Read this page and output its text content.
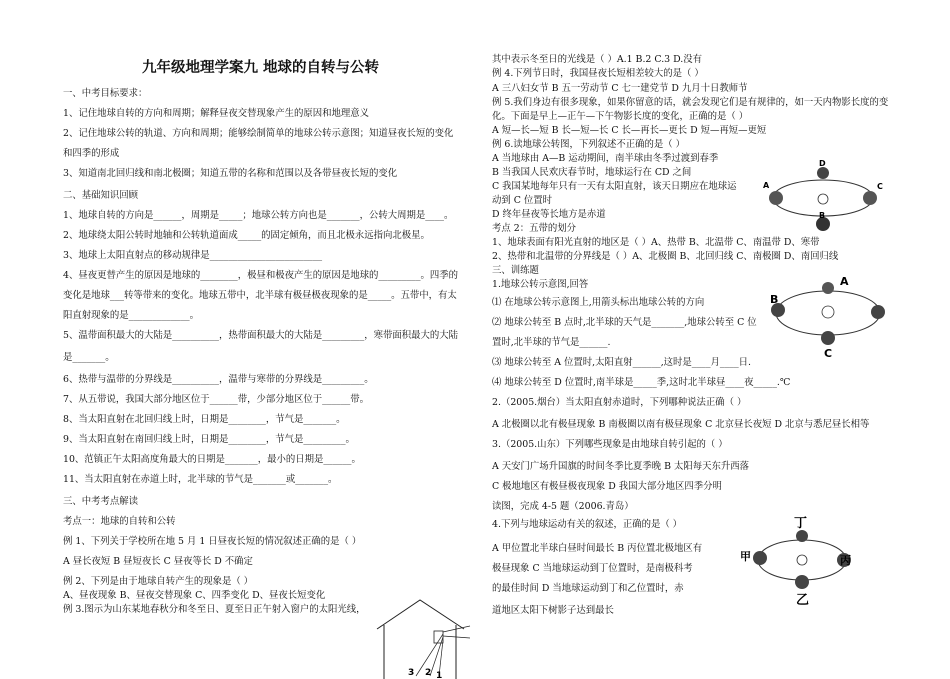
九年级地理学案九 地球的自转与公转
一、中考目标要求：
1、记住地球自转的方向和周期；解释昼夜交替现象产生的原因和地理意义
2、记住地球公转的轨道、方向和周期；能够绘制简单的地球公转示意图；知道昼夜长短的变化
和四季的形成
3、知道南北回归线和南北极圈；知道五带的名称和范围以及各带昼夜长短的变化
二、基础知识回顾
1、地球自转的方向是______，周期是_____；地球公转方向也是_______，公转大周期是____。
2、地球绕太阳公转时地轴和公转轨道面成_____的固定倾角，而且北极永远指向北极星。
3、地球上太阳直射点的移动规律是________________________
4、昼夜更替产生的原因是地球的________，极昼和极夜产生的原因是地球的_________。四季的
变化是地球___转等带来的变化。地球五带中，北半球有极昼极夜现象的是_____。五带中，有太
阳直射现象的是_____________。
5、温带面积最大的大陆是__________，热带面积最大的大陆是_________，寒带面积最大的大陆
是_______。
6、热带与温带的分界线是__________，温带与寒带的分界线是_________。
7、从五带说，我国大部分地区位于______带，少部分地区位于______带。
8、当太阳直射在北回归线上时，日期是________，节气是_______。
9、当太阳直射在南回归线上时，日期是________，节气是_________。
10、范镇正午太阳高度角最大的日期是_______，最小的日期是______。
11、当太阳直射在赤道上时，北半球的节气是_______或_______。
三、中考考点解读
考点一：地球的自转和公转
例 1、下列关于学校所在地 5 月 1 日昼夜长短的情况叙述正确的是（ ）
A 昼长夜短 B 昼短夜长 C 昼夜等长 D 不确定
例 2、下列是由于地球自转产生的现象是（ ）
A、昼夜现象 B、昼夜交替现象 C、四季变化 D、昼夜长短变化
例 3.图示为山东某地春秋分和冬至日、夏至日正午射入窗户的太阳光线，
其中表示冬至日的光线是（ ）A.1 B.2 C.3 D.没有
例 4.下列节日时，我国昼夜长短相差较大的是（ ）
A 三八妇女节 B 五一劳动节 C 七一建党节 D 九月十日教师节
例 5.我们身边有很多现象，如果你留意的话，就会发现它们是有规律的，如一天内物影长度的变
化。下面是早上—正午—下午物影长度的变化，正确的是（ ）
A 短—长—短 B 长—短—长 C 长—再长—更长 D 短—再短—更短
例 6.读地球公转图，下列叙述不正确的是（ ）
A 当地球由 A—B 运动期间，南半球由冬季过渡到春季
B 当我国人民欢庆春节时，地球运行在 CD 之间
C 我国某地每年只有一天有太阳直射，该天日期应在地球运
动到 C 位置时
D 终年昼夜等长地方是赤道
考点 2：五带的划分
1、地球表面有阳光直射的地区是（ ）A、热带 B、北温带 C、南温带 D、寒带
2、热带和北温带的分界线是（ ）A、北极圈 B、北回归线 C、南极圈 D、南回归线
三、训练题
1.地球公转示意图,回答
⑴ 在地球公转示意图上,用箭头标出地球公转的方向
⑵ 地球公转至 B 点时,北半球的天气是_______,地球公转至 C 位
置时,北半球的节气是______.
⑶ 地球公转至 A 位置时,太阳直射______,这时是____月____日.
⑷ 地球公转至 D 位置时,南半球是_____季,这时北半球昼____夜_____.℃
2.（2005.烟台）当太阳直射赤道时，下列哪种说法正确（ ）
A 北极圈以北有极昼现象 B 南极圈以南有极昼现象 C 北京昼长夜短 D 北京与悉尼昼长相等
3.（2005.山东）下列哪些现象是由地球自转引起的（ ）
A 天安门广场升国旗的时间冬季比夏季晚 B 太阳每天东升西落
C 极地地区有极昼极夜现象 D 我国大部分地区四季分明
读图，完成 4-5 题（2006.青岛）
4.下列与地球运动有关的叙述，正确的是（ ）
A 甲位置北半球白昼时间最长 B 丙位置北极地区有
极昼现象 C 当地球运动到丁位置时，是南极科考
的最佳时间 D 当地球运动到丁和乙位置时，赤
道地区太阳下树影子达到最长
3 2 1
D
A	C
B
A
B
C
丁
甲	丙
乙
